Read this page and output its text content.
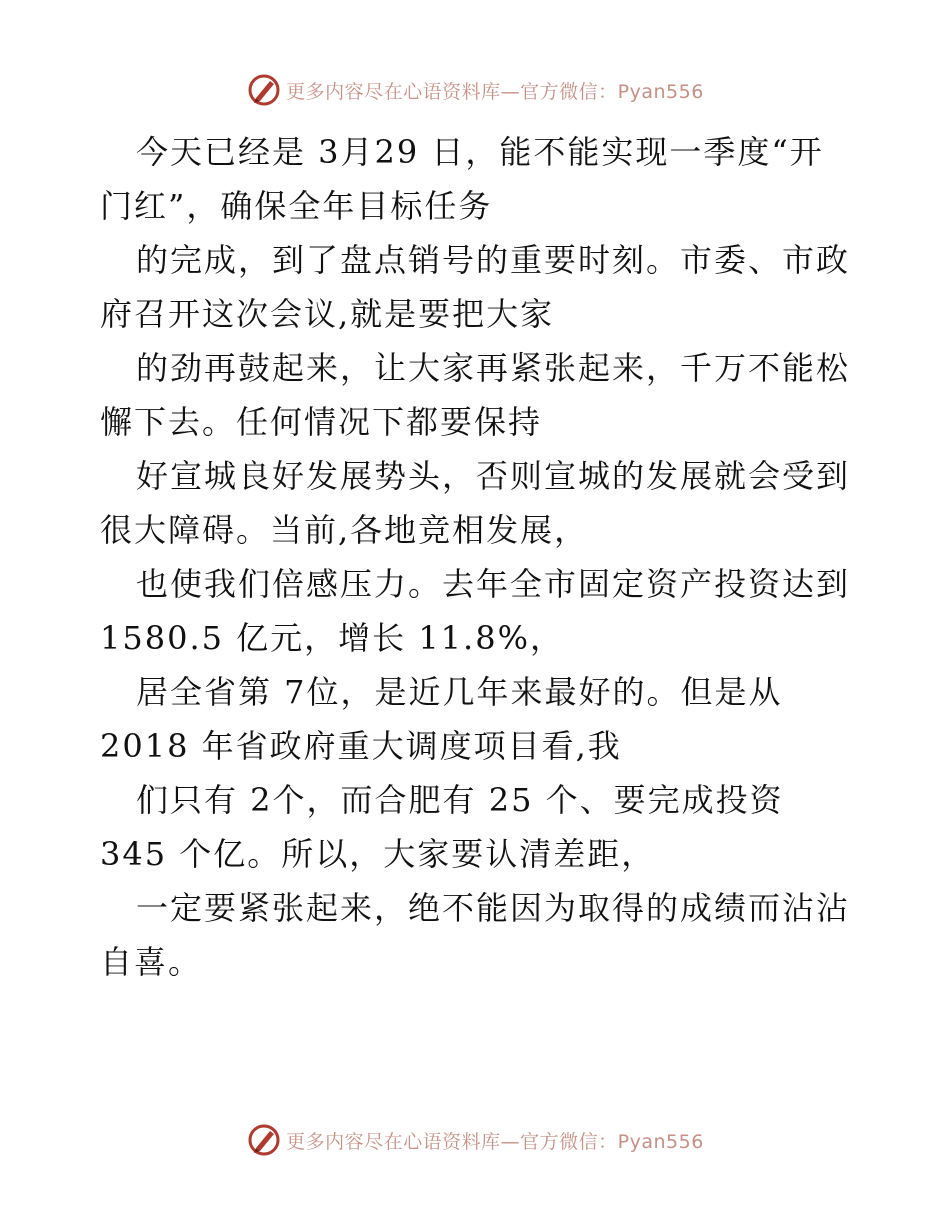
更多内容尽在心语资料库—官方微信：Pyan556
今天已经是 3月29 日，能不能实现一季度“开
门红”，确保全年目标任务
的完成，到了盘点销号的重要时刻。市委、市政
府召开这次会议,就是要把大家
的劲再鼓起来，让大家再紧张起来，千万不能松
懈下去。任何情况下都要保持
好宣城良好发展势头，否则宣城的发展就会受到
很大障碍。当前,各地竞相发展，
也使我们倍感压力。去年全市固定资产投资达到
1580.5 亿元，增长 11.8%，
居全省第 7位，是近几年来最好的。但是从
2018 年省政府重大调度项目看,我
们只有 2个，而合肥有 25 个、要完成投资
345 个亿。所以，大家要认清差距，
一定要紧张起来，绝不能因为取得的成绩而沾沾
自喜。
更多内容尽在心语资料库—官方微信：Pyan556
